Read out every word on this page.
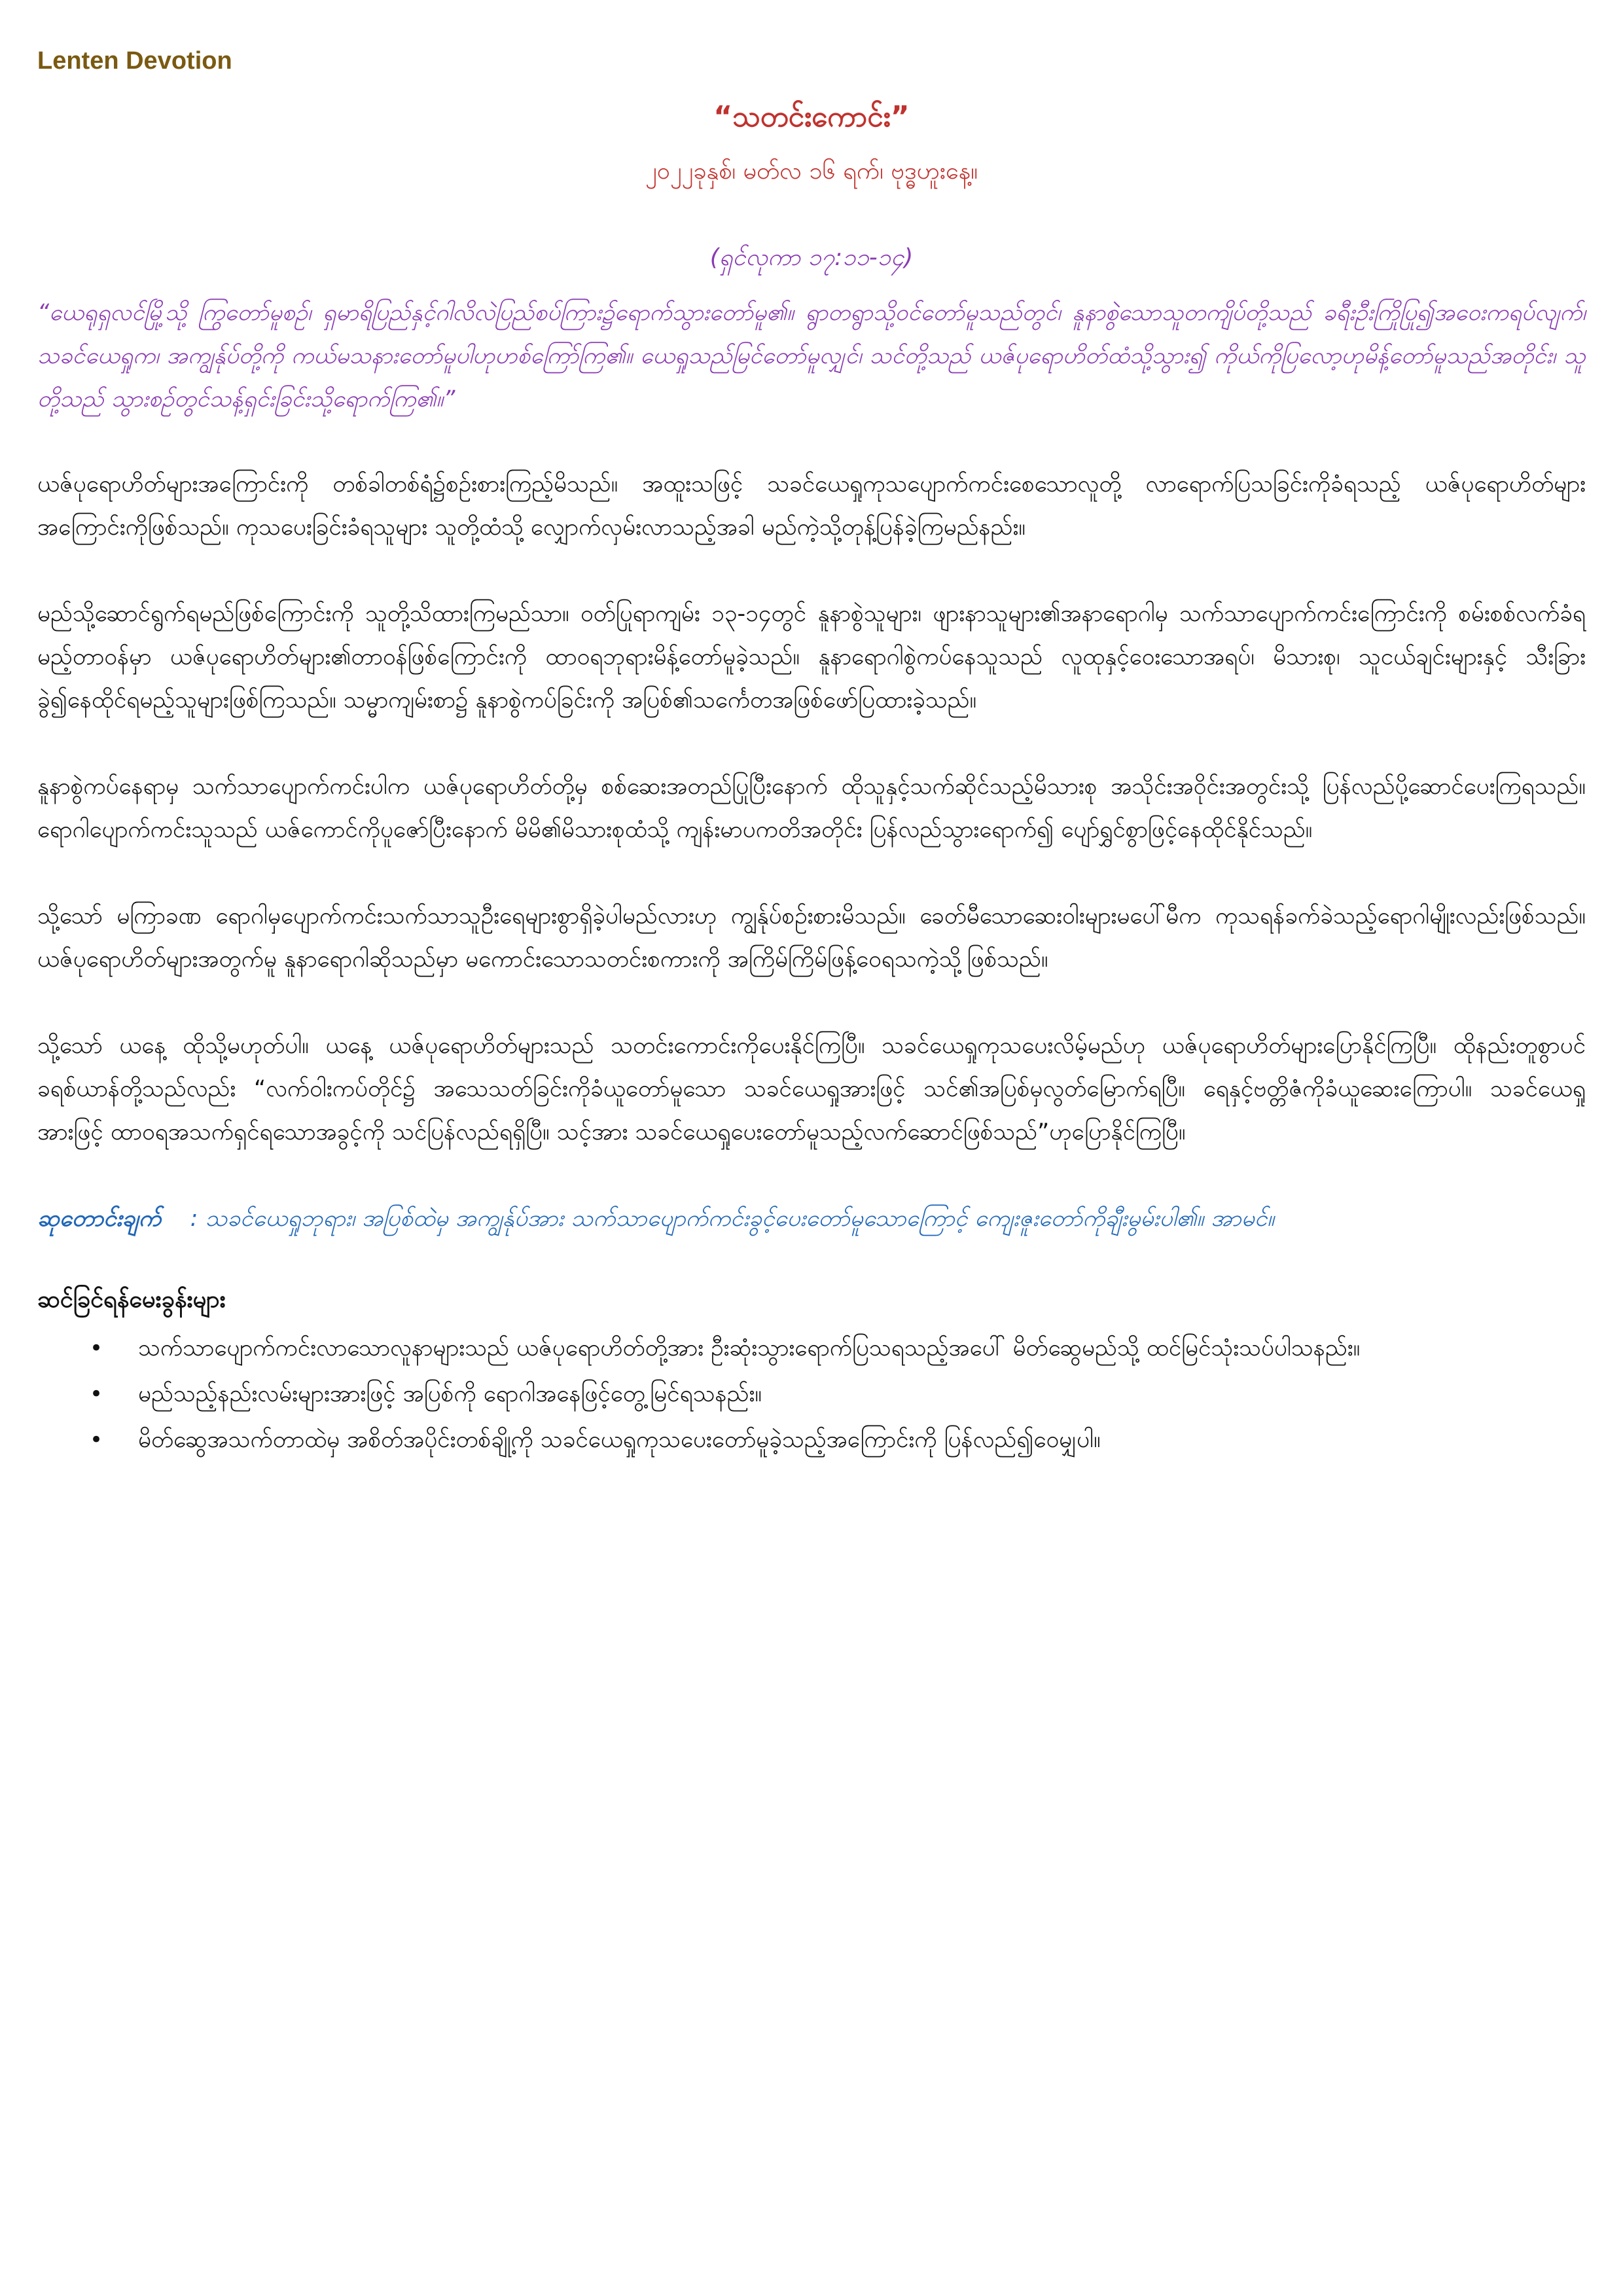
Lenten Devotion
“သတင်းကောင်း”
၂၀၂၂ခုနှစ်၊ မတ်လ ၁၆ ရက်၊ ဗုဒ္ဓဟူးနေ့။
(ရှင်လုကာ ၁၇:၁၁-၁၄)
“ယေရုရှလင်မြို့သို့ ကြွတော်မူစဉ်၊ ရှမာရိပြည်နှင့်ဂါလိလဲပြည်စပ်ကြား၌ရောက်သွားတော်မူ၏။ ရွာတရွာသို့ဝင်တော်မူသည်တွင်၊ နူနာစွဲသောသူတကျိပ်တို့သည် ခရီးဦးကြိုပြု၍အဝေးကရပ်လျက်၊ သခင်ယေရှုက၊ အကျွန်ုပ်တို့ကို ကယ်မသနားတော်မူပါဟုဟစ်ကြော်ကြ၏။ ယေရှုသည်မြင်တော်မူလျှင်၊ သင်တို့သည် ယဇ်ပုရောဟိတ်ထံသို့သွား၍ ကိုယ်ကိုပြလော့ဟုမိန့်တော်မူသည်အတိုင်း၊ သူတို့သည် သွားစဉ်တွင်သန့်ရှင်းခြင်းသို့ရောက်ကြ၏။”

ယဇ်ပုရောဟိတ်များအကြောင်းကို တစ်ခါတစ်ရံ၌စဉ်းစားကြည့်မိသည်။ အထူးသဖြင့် သခင်ယေရှုကုသပျောက်ကင်းစေသောလူတို့ လာရောက်ပြသခြင်းကိုခံရသည့် ယဇ်ပုရောဟိတ်များအကြောင်းကိုဖြစ်သည်။ ကုသပေးခြင်းခံရသူများ သူတို့ထံသို့ လျှောက်လှမ်းလာသည့်အခါ မည်ကဲ့သို့တုန့်ပြန်ခဲ့ကြမည်နည်း။

မည်သို့ဆောင်ရွက်ရမည်ဖြစ်ကြောင်းကို သူတို့သိထားကြမည်သာ။ ဝတ်ပြုရာကျမ်း ၁၃-၁၄တွင် နူနာစွဲသူများ၊ ဖျားနာသူများ၏အနာရောဂါမှ သက်သာပျောက်ကင်းကြောင်းကို စမ်းစစ်လက်ခံရမည့်တာဝန်မှာ ယဇ်ပုရောဟိတ်များ၏တာဝန်ဖြစ်ကြောင်းကို ထာဝရဘုရားမိန့်တော်မူခဲ့သည်။ နူနာရောဂါစွဲကပ်နေသူသည် လူထုနှင့်ဝေးသောအရပ်၊ မိသားစု၊ သူငယ်ချင်းများနှင့် သီးခြားခွဲ၍နေထိုင်ရမည့်သူများဖြစ်ကြသည်။ သမ္မာကျမ်းစာ၌ နူနာစွဲကပ်ခြင်းကို အပြစ်၏သင်္ကေတအဖြစ်ဖော်ပြထားခဲ့သည်။

နူနာစွဲကပ်နေရာမှ သက်သာပျောက်ကင်းပါက ယဇ်ပုရောဟိတ်တို့မှ စစ်ဆေးအတည်ပြုပြီးနောက် ထိုသူနှင့်သက်ဆိုင်သည့်မိသားစု အသိုင်းအဝိုင်းအတွင်းသို့ ပြန်လည်ပို့ဆောင်ပေးကြရသည်။ ရောဂါပျောက်ကင်းသူသည် ယဇ်ကောင်ကိုပူဇော်ပြီးနောက် မိမိ၏မိသားစုထံသို့ ကျန်းမာပကတိအတိုင်း ပြန်လည်သွားရောက်၍ ပျော်ရွှင်စွာဖြင့်နေထိုင်နိုင်သည်။

သို့သော် မကြာခဏ ရောဂါမှပျောက်ကင်းသက်သာသူဦးရေများစွာရှိခဲ့ပါမည်လားဟု ကျွန်ုပ်စဉ်းစားမိသည်။ ခေတ်မီသောဆေးဝါးများမပေါ်မီက ကုသရန်ခက်ခဲသည့်ရောဂါမျိုးလည်းဖြစ်သည်။ ယဇ်ပုရောဟိတ်များအတွက်မူ နူနာရောဂါဆိုသည်မှာ မကောင်းသောသတင်းစကားကို အကြိမ်ကြိမ်ဖြန့်ဝေရသကဲ့သို့ဖြစ်သည်။

သို့သော် ယနေ့ ထိုသို့မဟုတ်ပါ။ ယနေ့ ယဇ်ပုရောဟိတ်များသည် သတင်းကောင်းကိုပေးနိုင်ကြပြီ။ သခင်ယေရှုကုသပေးလိမ့်မည်ဟု ယဇ်ပုရောဟိတ်များပြောနိုင်ကြပြီ။ ထိုနည်းတူစွာပင် ခရစ်ယာန်တို့သည်လည်း “လက်ဝါးကပ်တိုင်၌ အသေသတ်ခြင်းကိုခံယူတော်မူသော သခင်ယေရှုအားဖြင့် သင်၏အပြစ်မှလွတ်မြောက်ရပြီ။ ရေနှင့်ဗတ္တိဇံကိုခံယူဆေးကြောပါ။ သခင်ယေရှုအားဖြင့် ထာဝရအသက်ရှင်ရသောအခွင့်ကို သင်ပြန်လည်ရရှိပြီ။ သင့်အား သခင်ယေရှုပေးတော်မူသည့်လက်ဆောင်ဖြစ်သည်”ဟုပြောနိုင်ကြပြီ။

ဆုတောင်းချက် : သခင်ယေရှုဘုရား၊ အပြစ်ထဲမှ အကျွန်ုပ်အား သက်သာပျောက်ကင်းခွင့်ပေးတော်မူသောကြောင့် ကျေးဇူးတော်ကိုချီးမွမ်းပါ၏။ အာမင်။

ဆင်ခြင်ရန်မေးခွန်းများ
• သက်သာပျောက်ကင်းလာသောလူနာများသည် ယဇ်ပုရောဟိတ်တို့အား ဦးဆုံးသွားရောက်ပြသရသည့်အပေါ် မိတ်ဆွေမည်သို့ ထင်မြင်သုံးသပ်ပါသနည်း။
• မည်သည့်နည်းလမ်းများအားဖြင့် အပြစ်ကို ရောဂါအနေဖြင့်တွေ့မြင်ရသနည်း။
• မိတ်ဆွေအသက်တာထဲမှ အစိတ်အပိုင်းတစ်ချို့ကို သခင်ယေရှုကုသပေးတော်မူခဲ့သည့်အကြောင်းကို ပြန်လည်၍ဝေမျှပါ။
